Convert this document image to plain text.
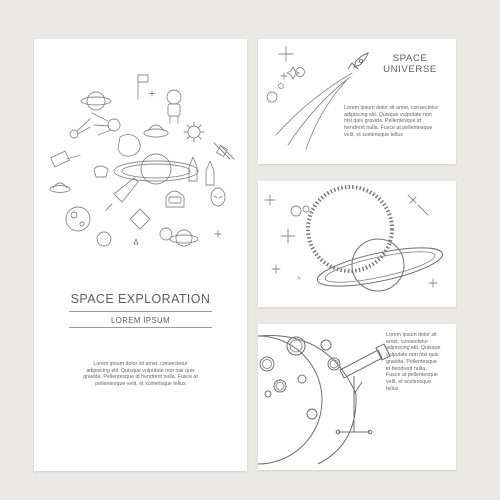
SPACE EXPLORATION
LOREM IPSUM
Lorem ipsum dolor sit amet, consectetur adipiscing elit. Quisque vulputate non nisi quis gravida. Pellentesque id hendrerit nulla. Fusce at pellentesque velit, et scelerisque tellus
SPACE
UNIVERSE
Lorem ipsum dolor sit amet, consectetur adipiscing elit. Quisque vulputate non nisi quis gravida. Pellentesque id hendrerit nulla. Fusce at pellentesque velit, et scelerisque tellus
Lorem ipsum dolor sit amet, consectetur adipiscing elit. Quisque vulputate non nisi quis gravida. Pellentesque id hendrerit nulla. Fusce at pellentesque velit, et scelerisque tellus
